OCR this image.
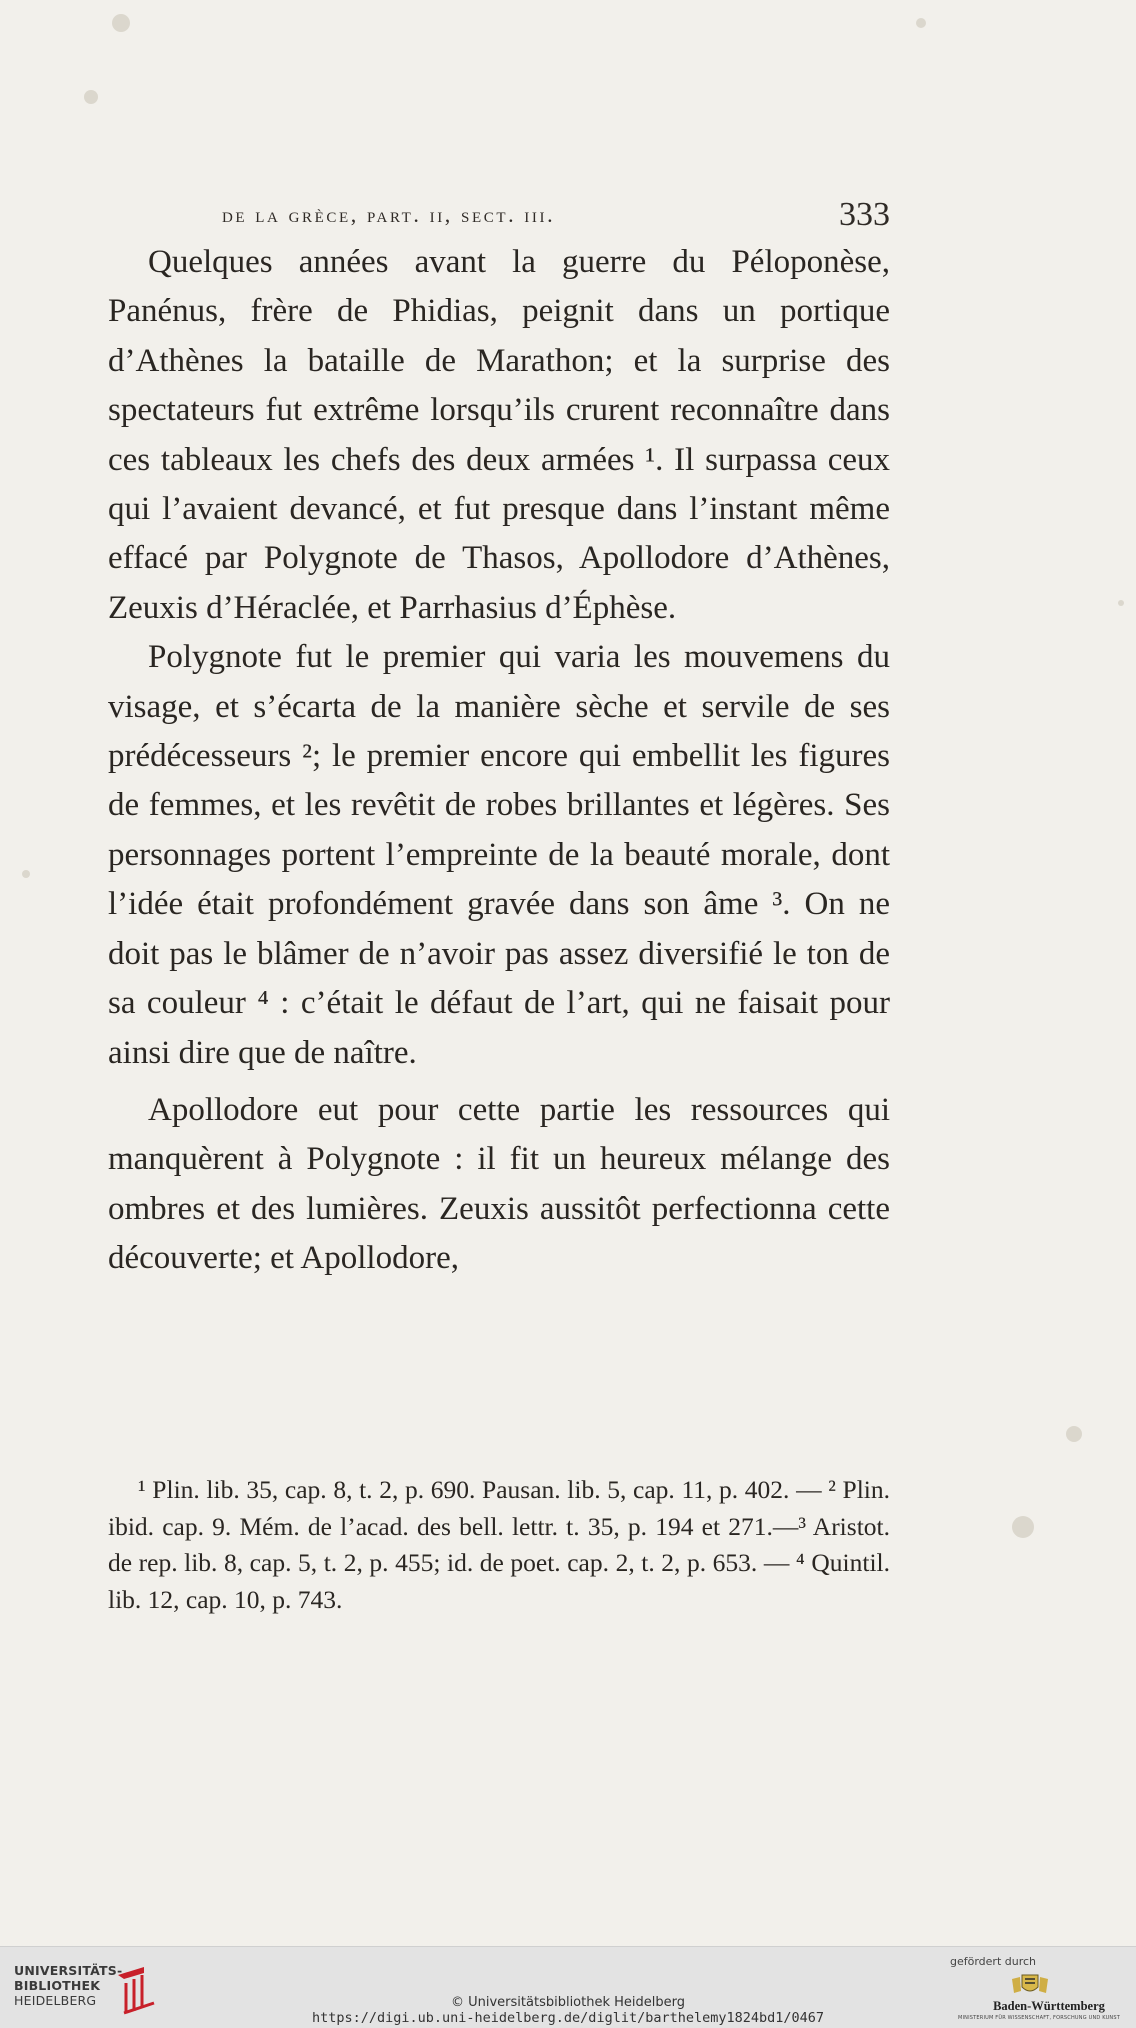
de la grèce, part. ii, sect. iii.	333

Quelques années avant la guerre du Péloponèse, Panénus, frère de Phidias, peignit dans un portique d’Athènes la bataille de Marathon; et la surprise des spectateurs fut extrême lorsqu’ils crurent reconnaître dans ces tableaux les chefs des deux armées ¹. Il surpassa ceux qui l’avaient devancé, et fut presque dans l’instant même effacé par Polygnote de Thasos, Apollodore d’Athènes, Zeuxis d’Héraclée, et Parrhasius d’Éphèse.

Polygnote fut le premier qui varia les mouvemens du visage, et s’écarta de la manière sèche et servile de ses prédécesseurs ²; le premier encore qui embellit les figures de femmes, et les revêtit de robes brillantes et légères. Ses personnages portent l’empreinte de la beauté morale, dont l’idée était profondément gravée dans son âme ³. On ne doit pas le blâmer de n’avoir pas assez diversifié le ton de sa couleur ⁴ : c’était le défaut de l’art, qui ne faisait pour ainsi dire que de naître.

Apollodore eut pour cette partie les ressources qui manquèrent à Polygnote : il fit un heureux mélange des ombres et des lumières. Zeuxis aussitôt perfectionna cette découverte; et Apollodore,

¹ Plin. lib. 35, cap. 8, t. 2, p. 690. Pausan. lib. 5, cap. 11, p. 402. — ² Plin. ibid. cap. 9. Mém. de l’acad. des bell. lettr. t. 35, p. 194 et 271.—³ Aristot. de rep. lib. 8, cap. 5, t. 2, p. 455; id. de poet. cap. 2, t. 2, p. 653. — ⁴ Quintil. lib. 12, cap. 10, p. 743.

UNIVERSITÄTS-
BIBLIOTHEK
HEIDELBERG	© Universitätsbibliothek Heidelberg
https://digi.ub.uni-heidelberg.de/diglit/barthelemy1824bd1/0467
gefördert durch
Baden-Württemberg
MINISTERIUM FÜR WISSENSCHAFT, FORSCHUNG UND KUNST
